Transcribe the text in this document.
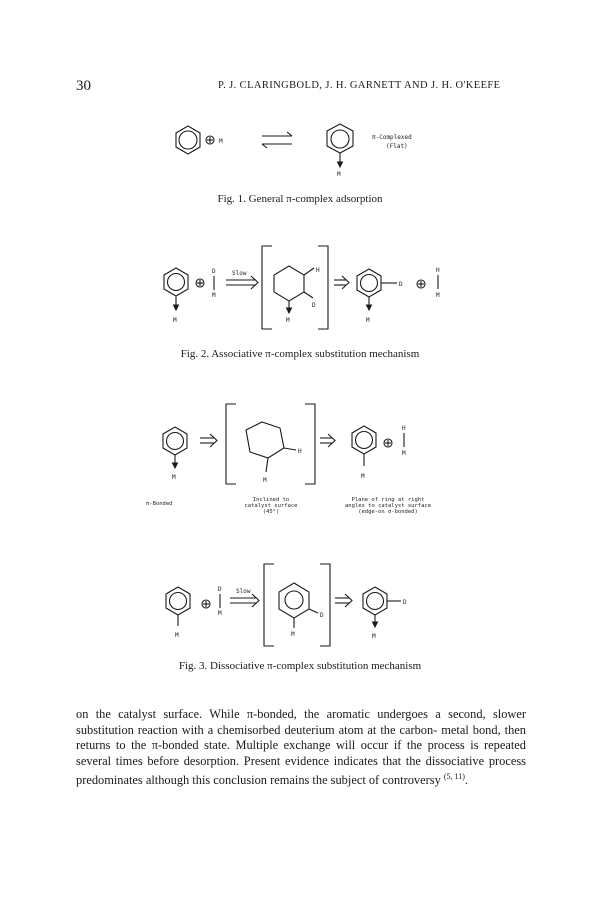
30	P. J. CLARINGBOLD, J. H. GARNETT AND J. H. O'KEEFE
M
M
π-Complexed
(Flat)
M
D
M
Slow	H
D
M
D
M
H
M
M
H
M
M
H
M
M
D
M
Slow
D
M
D
M
Fig. 1. General π-complex adsorption
Fig. 2. Associative π-complex substitution mechanism
π-Bonded
Inclined to
catalyst surface
(45°)
Plane of ring at right
angles to catalyst surface
(edge-on σ-bonded)
Fig. 3. Dissociative π-complex substitution mechanism
on the catalyst surface. While π-bonded, the aromatic undergoes a second, slower substitution reaction with a chemisorbed deuterium atom at the carbon- metal bond, then returns to the π-bonded state. Multiple exchange will occur if the process is repeated several times before desorption. Present evidence indicates that the dissociative process predominates although this conclusion remains the subject of controversy $^{(5, 11)}$.
